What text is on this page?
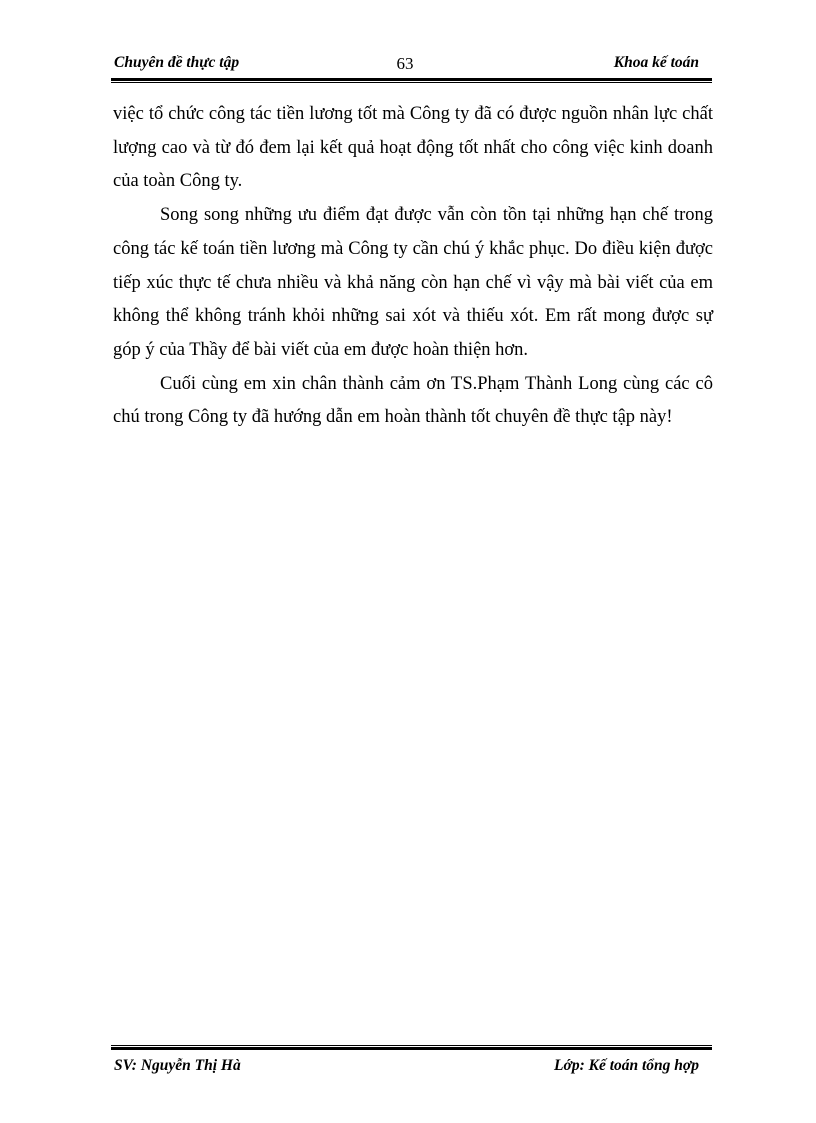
Chuyên đề thực tập	63	Khoa kế toán

việc tổ chức công tác tiền lương tốt mà Công ty đã có được nguồn nhân lực chất lượng cao và từ đó đem lại kết quả hoạt động tốt nhất cho công việc kinh doanh của toàn Công ty.

Song song những ưu điểm đạt được vẫn còn tồn tại những hạn chế trong công tác kế toán tiền lương mà Công ty cần chú ý khắc phục. Do điều kiện được tiếp xúc thực tế chưa nhiều và khả năng còn hạn chế vì vậy mà bài viết của em không thể không tránh khỏi những sai xót và thiếu xót. Em rất mong được sự góp ý của Thầy để bài viết của em được hoàn thiện hơn.

Cuối cùng em xin chân thành cảm ơn TS.Phạm Thành Long cùng các cô chú trong Công ty đã hướng dẫn em hoàn thành tốt chuyên đề thực tập này!

SV: Nguyễn Thị Hà	Lớp: Kế toán tổng hợp
